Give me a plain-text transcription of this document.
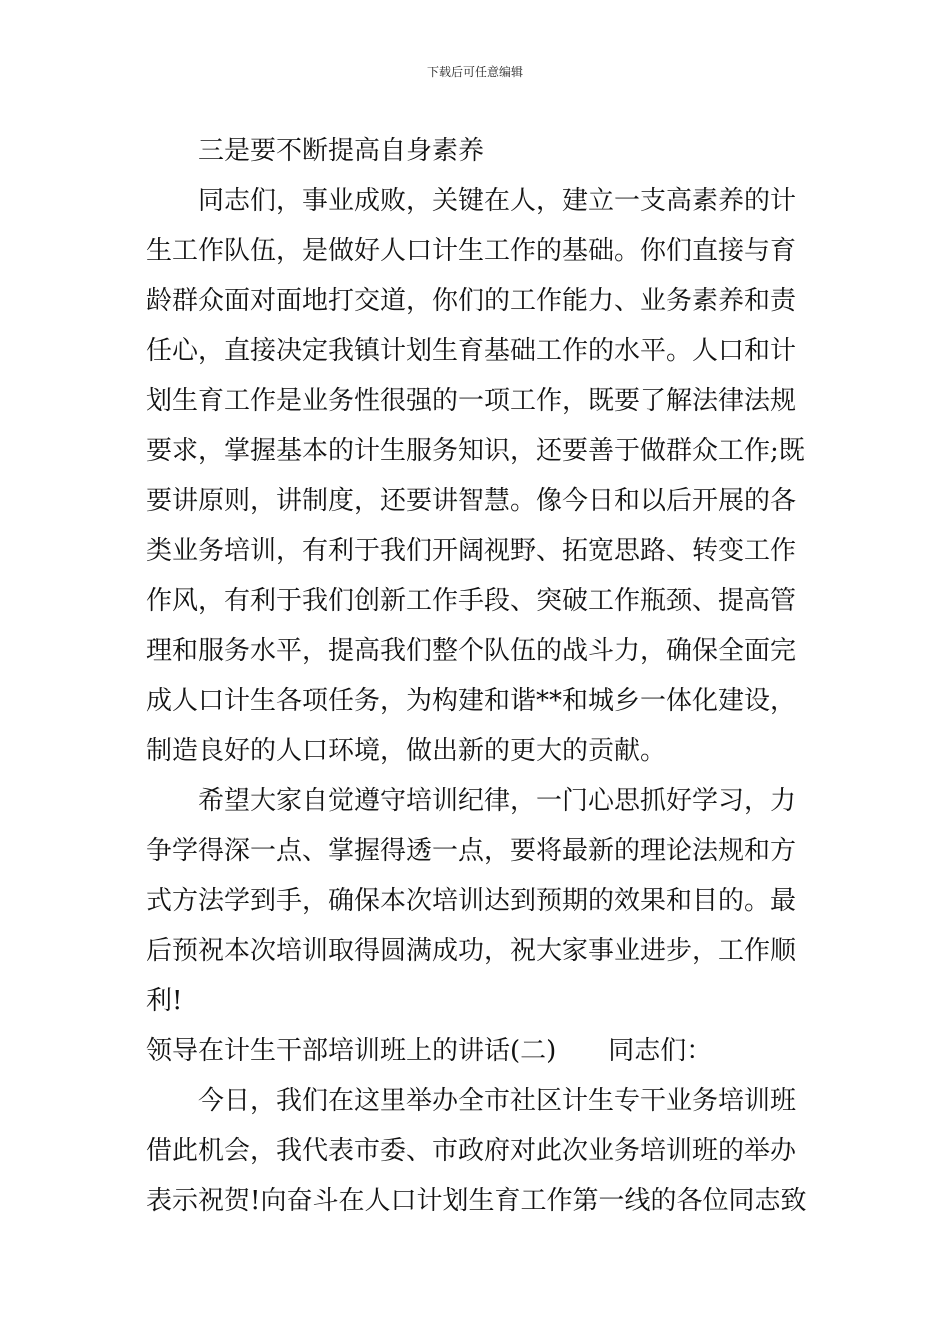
下载后可任意编辑
三是要不断提高自身素养
同志们，事业成败，关键在人，建立一支高素养的计
生工作队伍，是做好人口计生工作的基础。你们直接与育
龄群众面对面地打交道，你们的工作能力、业务素养和责
任心，直接决定我镇计划生育基础工作的水平。人口和计
划生育工作是业务性很强的一项工作，既要了解法律法规
要求，掌握基本的计生服务知识，还要善于做群众工作;既
要讲原则，讲制度，还要讲智慧。像今日和以后开展的各
类业务培训，有利于我们开阔视野、拓宽思路、转变工作
作风，有利于我们创新工作手段、突破工作瓶颈、提高管
理和服务水平，提高我们整个队伍的战斗力，确保全面完
成人口计生各项任务，为构建和谐**和城乡一体化建设，
制造良好的人口环境，做出新的更大的贡献。
希望大家自觉遵守培训纪律，一门心思抓好学习，力
争学得深一点、掌握得透一点，要将最新的理论法规和方
式方法学到手，确保本次培训达到预期的效果和目的。最
后预祝本次培训取得圆满成功，祝大家事业进步，工作顺
利!
领导在计生干部培训班上的讲话(二)　　同志们：
今日，我们在这里举办全市社区计生专干业务培训班
借此机会，我代表市委、市政府对此次业务培训班的举办
表示祝贺!向奋斗在人口计划生育工作第一线的各位同志致
